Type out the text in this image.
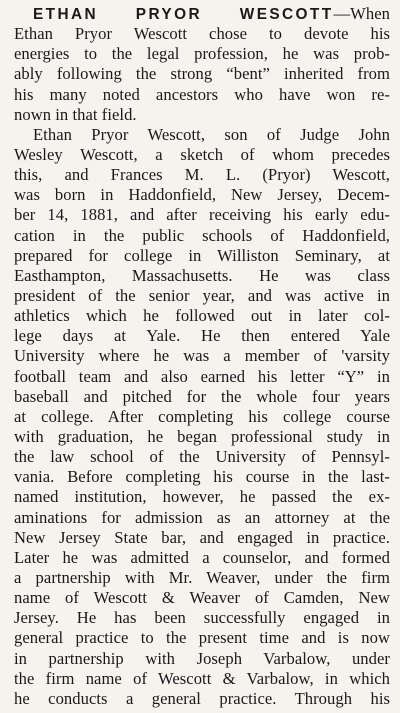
ETHAN PRYOR WESCOTT—When
Ethan Pryor Wescott chose to devote his
energies to the legal profession, he was prob-
ably following the strong “bent” inherited from
his many noted ancestors who have won re-
nown in that field.
Ethan Pryor Wescott, son of Judge John
Wesley Wescott, a sketch of whom precedes
this, and Frances M. L. (Pryor) Wescott,
was born in Haddonfield, New Jersey, Decem-
ber 14, 1881, and after receiving his early edu-
cation in the public schools of Haddonfield,
prepared for college in Williston Seminary, at
Easthampton, Massachusetts. He was class
president of the senior year, and was active in
athletics which he followed out in later col-
lege days at Yale. He then entered Yale
University where he was a member of 'varsity
football team and also earned his letter “Y” in
baseball and pitched for the whole four years
at college. After completing his college course
with graduation, he began professional study in
the law school of the University of Pennsyl-
vania. Before completing his course in the last-
named institution, however, he passed the ex-
aminations for admission as an attorney at the
New Jersey State bar, and engaged in practice.
Later he was admitted a counselor, and formed
a partnership with Mr. Weaver, under the firm
name of Wescott & Weaver of Camden, New
Jersey. He has been successfully engaged in
general practice to the present time and is now
in partnership with Joseph Varbalow, under
the firm name of Wescott & Varbalow, in which
he conducts a general practice. Through his
